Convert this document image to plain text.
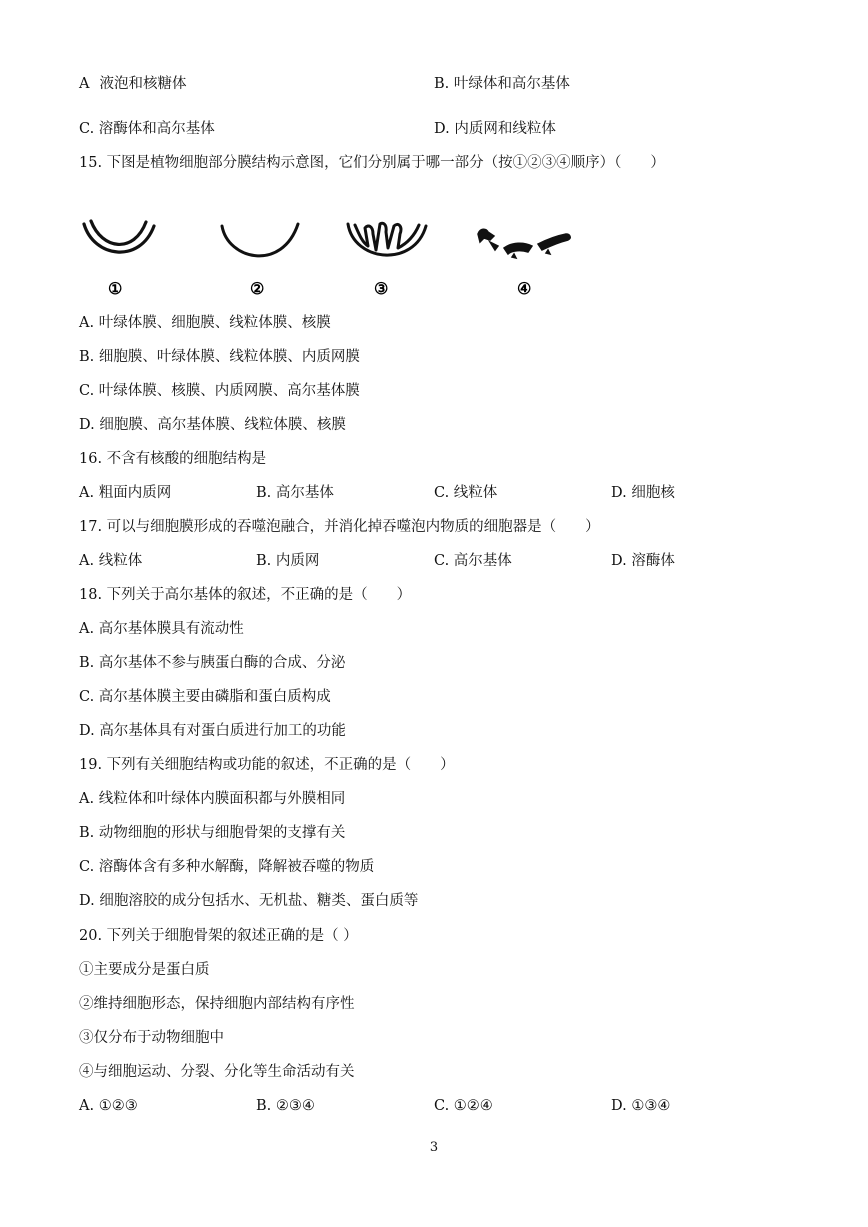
A 液泡和核糖体	B. 叶绿体和高尔基体
C. 溶酶体和高尔基体	D. 内质网和线粒体
15. 下图是植物细胞部分膜结构示意图，它们分别属于哪一部分（按①②③④顺序）（　　）
①	②	③	④
A. 叶绿体膜、细胞膜、线粒体膜、核膜
B. 细胞膜、叶绿体膜、线粒体膜、内质网膜
C. 叶绿体膜、核膜、内质网膜、高尔基体膜
D. 细胞膜、高尔基体膜、线粒体膜、核膜
16. 不含有核酸的细胞结构是
A. 粗面内质网	B. 高尔基体	C. 线粒体	D. 细胞核
17. 可以与细胞膜形成的吞噬泡融合，并消化掉吞噬泡内物质的细胞器是（　　）
A. 线粒体	B. 内质网	C. 高尔基体	D. 溶酶体
18. 下列关于高尔基体的叙述，不正确的是（　　）
A. 高尔基体膜具有流动性
B. 高尔基体不参与胰蛋白酶的合成、分泌
C. 高尔基体膜主要由磷脂和蛋白质构成
D. 高尔基体具有对蛋白质进行加工的功能
19. 下列有关细胞结构或功能的叙述，不正确的是（　　）
A. 线粒体和叶绿体内膜面积都与外膜相同
B. 动物细胞的形状与细胞骨架的支撑有关
C. 溶酶体含有多种水解酶，降解被吞噬的物质
D. 细胞溶胶的成分包括水、无机盐、糖类、蛋白质等
20. 下列关于细胞骨架的叙述正确的是（ ）
①主要成分是蛋白质
②维持细胞形态，保持细胞内部结构有序性
③仅分布于动物细胞中
④与细胞运动、分裂、分化等生命活动有关
A. ①②③	B. ②③④	C. ①②④	D. ①③④
3
